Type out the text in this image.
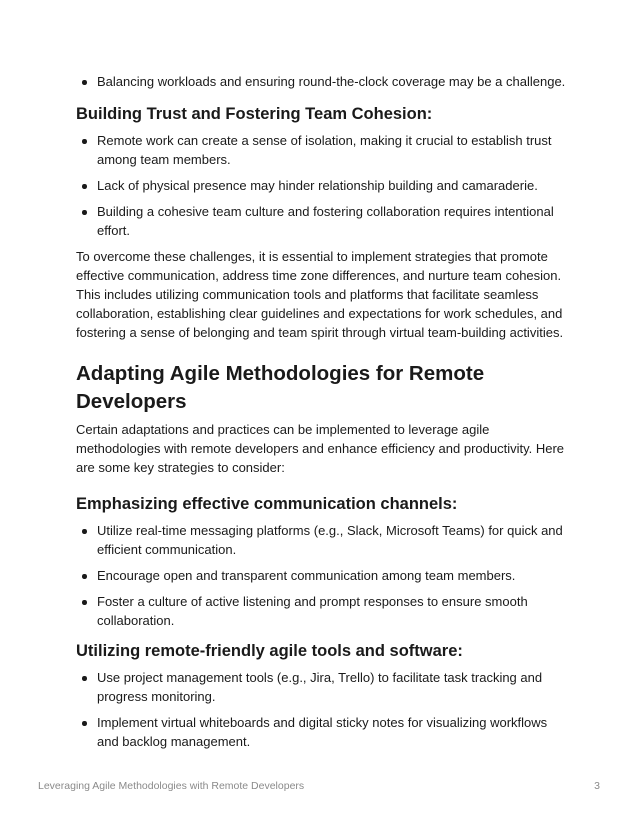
Balancing workloads and ensuring round-the-clock coverage may be a challenge.
Building Trust and Fostering Team Cohesion:
Remote work can create a sense of isolation, making it crucial to establish trust among team members.
Lack of physical presence may hinder relationship building and camaraderie.
Building a cohesive team culture and fostering collaboration requires intentional effort.

To overcome these challenges, it is essential to implement strategies that promote effective communication, address time zone differences, and nurture team cohesion. This includes utilizing communication tools and platforms that facilitate seamless collaboration, establishing clear guidelines and expectations for work schedules, and fostering a sense of belonging and team spirit through virtual team-building activities.

Adapting Agile Methodologies for Remote Developers

Certain adaptations and practices can be implemented to leverage agile methodologies with remote developers and enhance efficiency and productivity. Here are some key strategies to consider:

Emphasizing effective communication channels:
Utilize real-time messaging platforms (e.g., Slack, Microsoft Teams) for quick and efficient communication.
Encourage open and transparent communication among team members.
Foster a culture of active listening and prompt responses to ensure smooth collaboration.
Utilizing remote-friendly agile tools and software:
Use project management tools (e.g., Jira, Trello) to facilitate task tracking and progress monitoring.
Implement virtual whiteboards and digital sticky notes for visualizing workflows and backlog management.
Leveraging Agile Methodologies with Remote Developers	3
